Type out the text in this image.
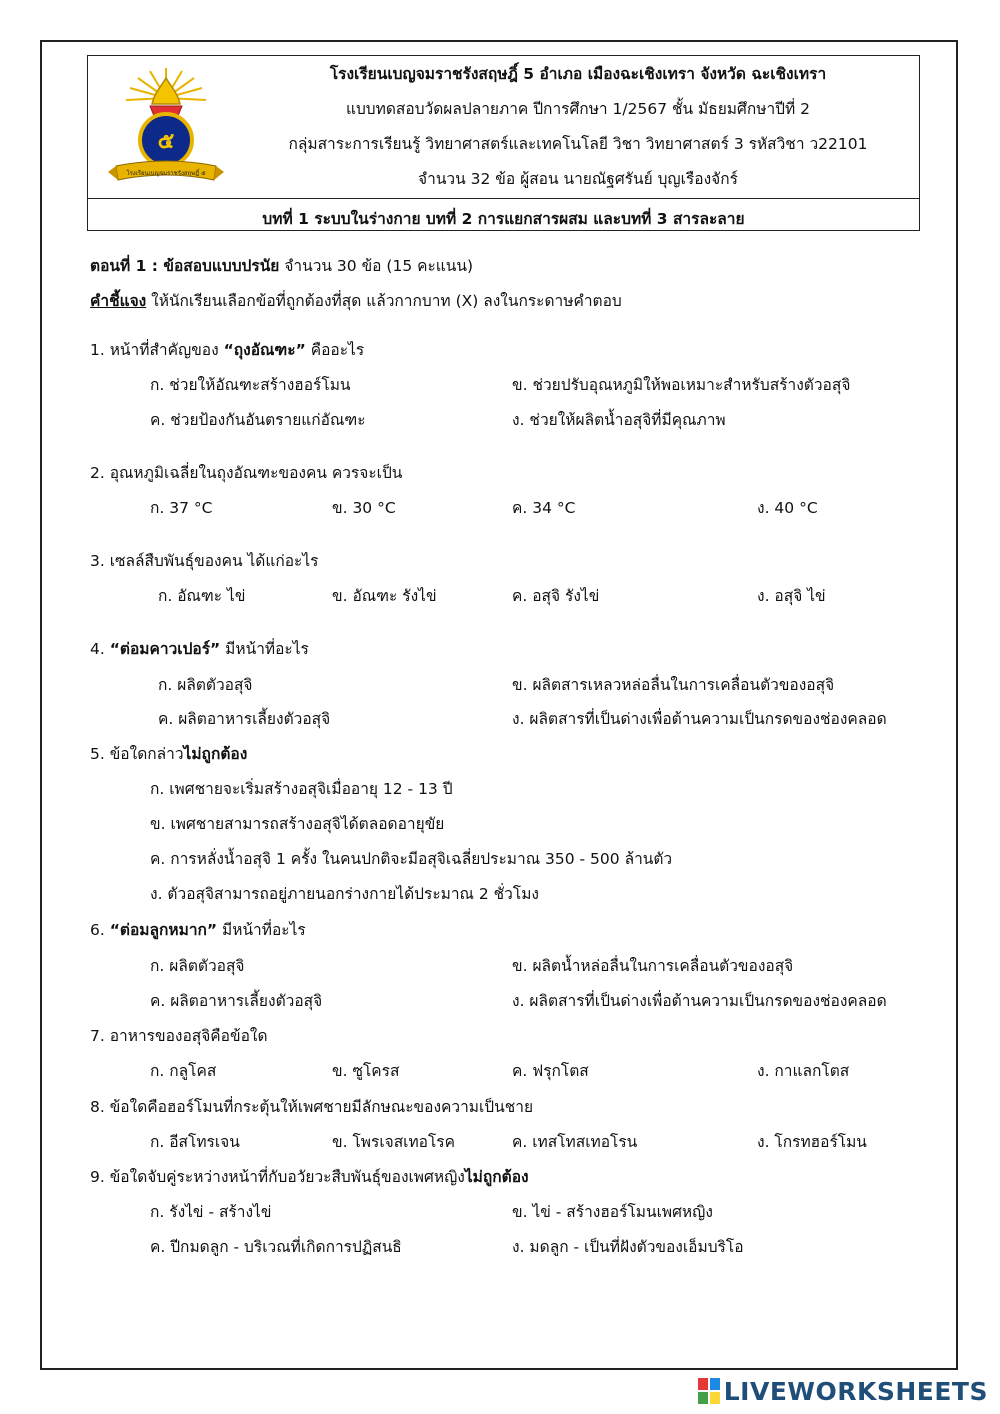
๕
โรงเรียนเบญจมราชรังสฤษฎิ์ ๕
โรงเรียนเบญจมราชรังสฤษฎิ์ 5 อำเภอ เมืองฉะเชิงเทรา จังหวัด ฉะเชิงเทรา
แบบทดสอบวัดผลปลายภาค ปีการศึกษา 1/2567 ชั้น มัธยมศึกษาปีที่ 2
กลุ่มสาระการเรียนรู้ วิทยาศาสตร์และเทคโนโลยี วิชา วิทยาศาสตร์ 3 รหัสวิชา ว22101
จำนวน 32 ข้อ ผู้สอน นายณัฐศรันย์ บุญเรืองจักร์
บทที่ 1 ระบบในร่างกาย บทที่ 2 การแยกสารผสม และบทที่ 3 สารละลาย
ตอนที่ 1 : ข้อสอบแบบปรนัย จำนวน 30 ข้อ (15 คะแนน)
คำชี้แจง ให้นักเรียนเลือกข้อที่ถูกต้องที่สุด แล้วกากบาท (X) ลงในกระดาษคำตอบ
1. หน้าที่สำคัญของ “ถุงอัณฑะ” คืออะไร
ก. ช่วยให้อัณฑะสร้างฮอร์โมน	ข. ช่วยปรับอุณหภูมิให้พอเหมาะสำหรับสร้างตัวอสุจิ
ค. ช่วยป้องกันอันตรายแก่อัณฑะ	ง. ช่วยให้ผลิตน้ำอสุจิที่มีคุณภาพ
2. อุณหภูมิเฉลี่ยในถุงอัณฑะของคน ควรจะเป็น
ก. 37 °C	ข. 30 °C	ค. 34 °C	ง. 40 °C
3. เซลล์สืบพันธุ์ของคน ได้แก่อะไร
ก. อัณฑะ ไข่	ข. อัณฑะ รังไข่	ค. อสุจิ รังไข่	ง. อสุจิ ไข่
4. “ต่อมคาวเปอร์” มีหน้าที่อะไร
ก. ผลิตตัวอสุจิ	ข. ผลิตสารเหลวหล่อลื่นในการเคลื่อนตัวของอสุจิ
ค. ผลิตอาหารเลี้ยงตัวอสุจิ	ง. ผลิตสารที่เป็นด่างเพื่อต้านความเป็นกรดของช่องคลอด
5. ข้อใดกล่าวไม่ถูกต้อง
ก. เพศชายจะเริ่มสร้างอสุจิเมื่ออายุ 12 - 13 ปี
ข. เพศชายสามารถสร้างอสุจิได้ตลอดอายุขัย
ค. การหลั่งน้ำอสุจิ 1 ครั้ง ในคนปกติจะมีอสุจิเฉลี่ยประมาณ 350 - 500 ล้านตัว
ง. ตัวอสุจิสามารถอยู่ภายนอกร่างกายได้ประมาณ 2 ชั่วโมง
6. “ต่อมลูกหมาก” มีหน้าที่อะไร
ก. ผลิตตัวอสุจิ	ข. ผลิตน้ำหล่อลื่นในการเคลื่อนตัวของอสุจิ
ค. ผลิตอาหารเลี้ยงตัวอสุจิ	ง. ผลิตสารที่เป็นด่างเพื่อต้านความเป็นกรดของช่องคลอด
7. อาหารของอสุจิคือข้อใด
ก. กลูโคส	ข. ซูโครส	ค. ฟรุกโตส	ง. กาแลกโตส
8. ข้อใดคือฮอร์โมนที่กระตุ้นให้เพศชายมีลักษณะของความเป็นชาย
ก. อีสโทรเจน	ข. โพรเจสเทอโรค	ค. เทสโทสเทอโรน	ง. โกรทฮอร์โมน
9. ข้อใดจับคู่ระหว่างหน้าที่กับอวัยวะสืบพันธุ์ของเพศหญิงไม่ถูกต้อง
ก. รังไข่ - สร้างไข่	ข. ไข่ - สร้างฮอร์โมนเพศหญิง
ค. ปีกมดลูก - บริเวณที่เกิดการปฏิสนธิ	ง. มดลูก - เป็นที่ฝังตัวของเอ็มบริโอ
LIVEWORKSHEETS
